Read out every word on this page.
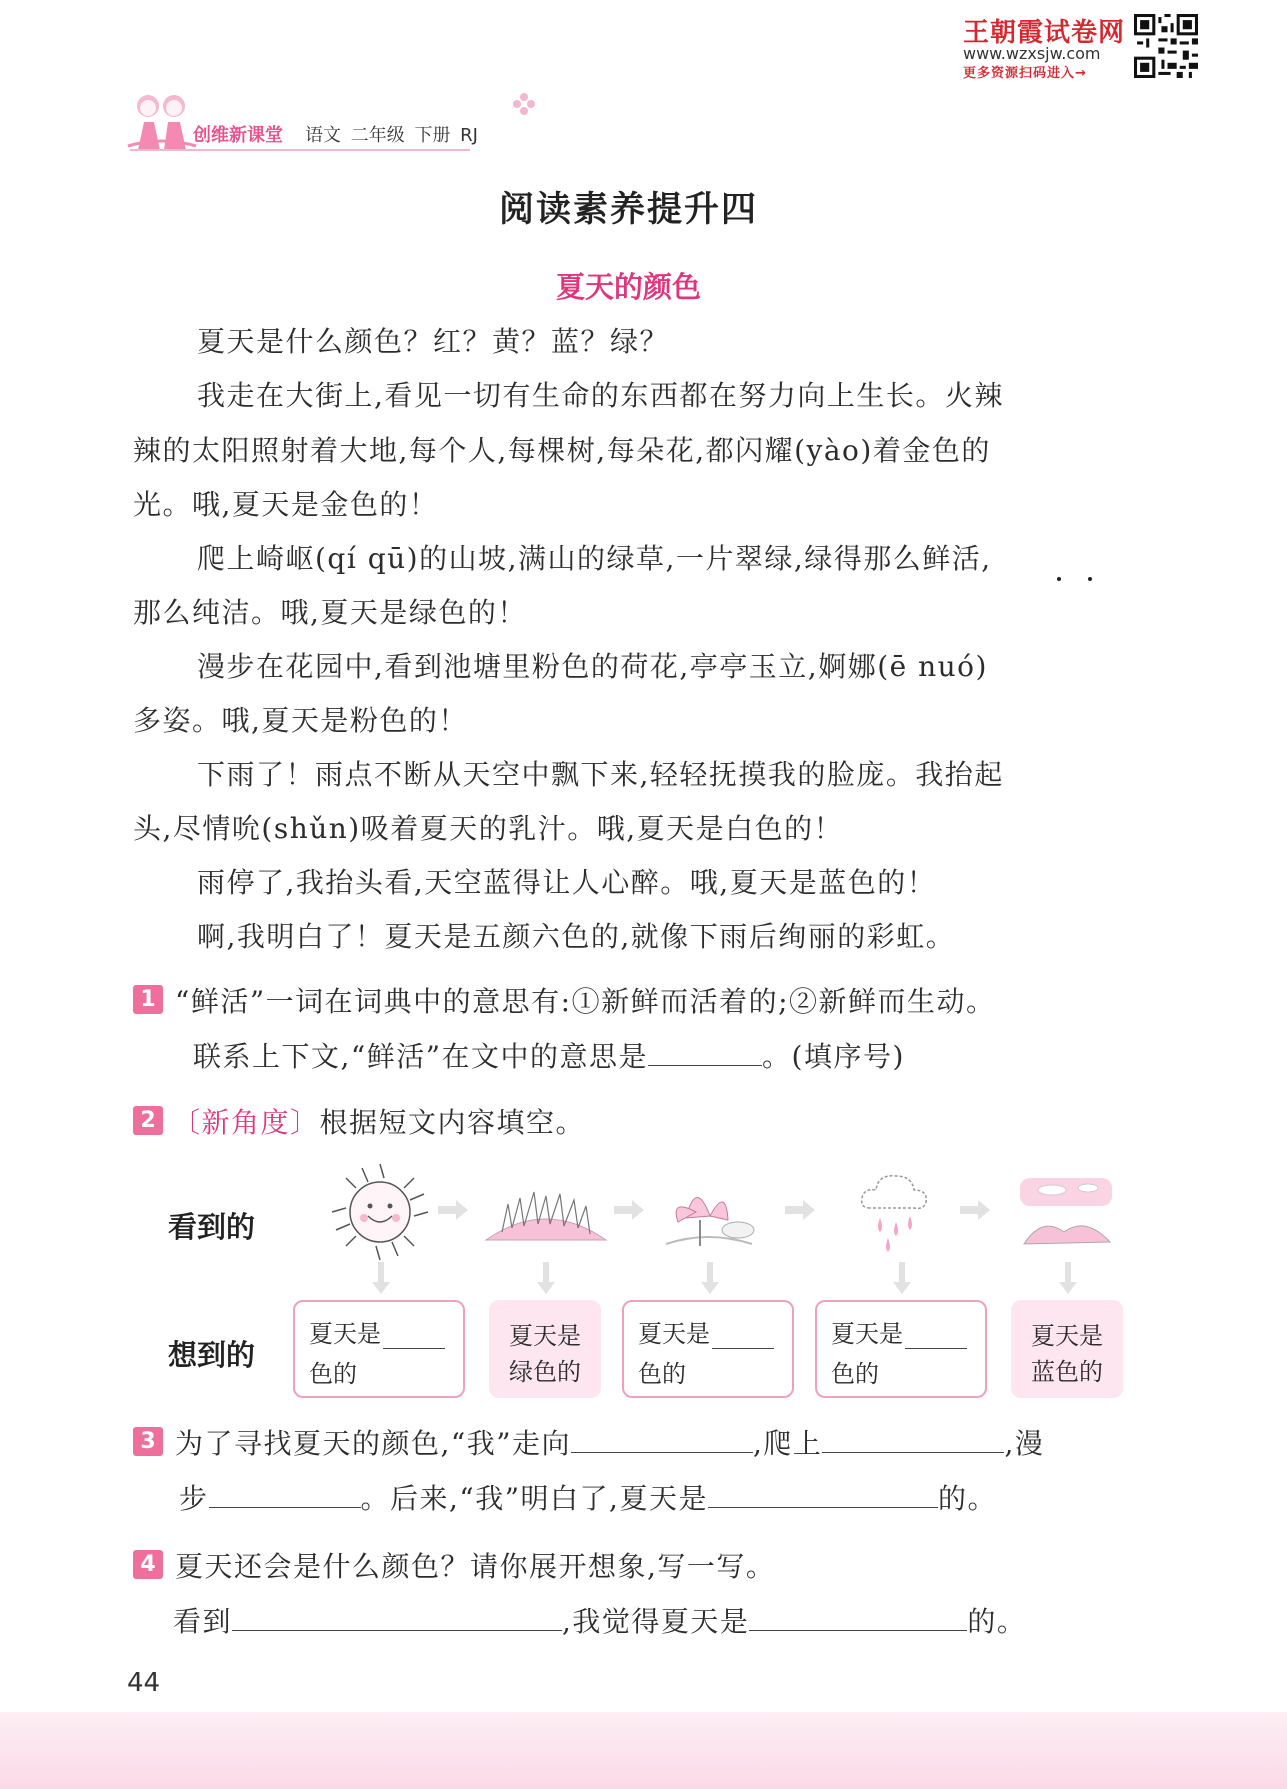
王朝霞试卷网
www.wzxsjw.com
更多资源扫码进入→
创维新课堂 语文 二年级 下册 RJ
阅读素养提升四
夏天的颜色
夏天是什么颜色？红？黄？蓝？绿？
我走在大街上,看见一切有生命的东西都在努力向上生长。火辣
辣的太阳照射着大地,每个人,每棵树,每朵花,都闪耀(yào)着金色的
光。哦,夏天是金色的！
爬上崎岖(qí qū)的山坡,满山的绿草,一片翠绿,绿得那么鲜活,
那么纯洁。哦,夏天是绿色的！
漫步在花园中,看到池塘里粉色的荷花,亭亭玉立,婀娜(ē nuó)
多姿。哦,夏天是粉色的！
下雨了！雨点不断从天空中飘下来,轻轻抚摸我的脸庞。我抬起
头,尽情吮(shǔn)吸着夏天的乳汁。哦,夏天是白色的！
雨停了,我抬头看,天空蓝得让人心醉。哦,夏天是蓝色的！
啊,我明白了！夏天是五颜六色的,就像下雨后绚丽的彩虹。
1 “鲜活”一词在词典中的意思有:①新鲜而活着的;②新鲜而生动。
联系上下文,“鲜活”在文中的意思是	。(填序号)
2 〔新角度〕根据短文内容填空。
看到的
想到的
夏天是
色的
夏天是
绿色的
夏天是
色的
夏天是
色的
夏天是
蓝色的
3 为了寻找夏天的颜色,“我”走向	,爬上	,漫
步	。后来,“我”明白了,夏天是	的。
4 夏天还会是什么颜色？请你展开想象,写一写。
看到	,我觉得夏天是	的。
44
